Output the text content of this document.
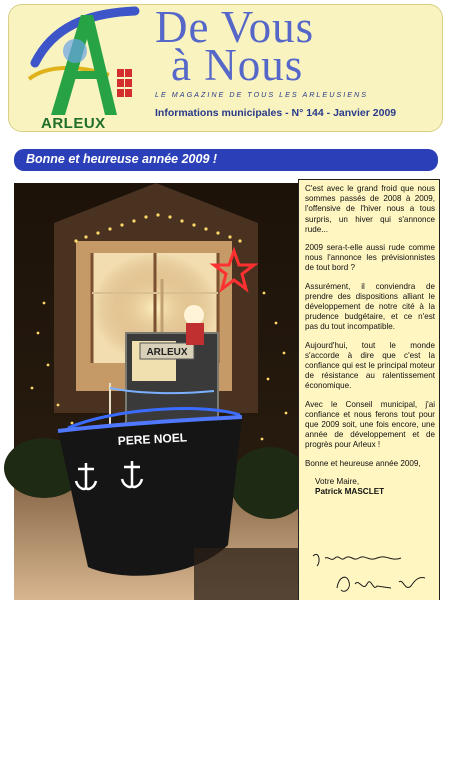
ARLEUX
De Vous
à Nous
LE MAGAZINE DE TOUS LES ARLEUSIENS
Informations municipales - N° 144 - Janvier 2009
Bonne et heureuse année 2009 !
ARLEUX
PERE NOEL
Concours des illuminations de Noël (Façade de Marie-Jeanne DESCARPENTRIES)

C'est avec le grand froid que nous sommes passés de 2008 à 2009, l'offensive de l'hiver nous a tous surpris, un hiver qui s'annonce rude...

2009 sera-t-elle aussi rude comme nous l'annonce les prévisionnistes de tout bord ?

Assurément, il conviendra de prendre des dispositions alliant le développement de notre cité à la prudence budgétaire, et ce n'est pas du tout incompatible.

Aujourd'hui, tout le monde s'accorde à dire que c'est la confiance qui est le principal moteur de résistance au ralentissement économique.

Avec le Conseil municipal, j'ai confiance et nous ferons tout pour que 2009 soit, une fois encore, une année de développement et de progrès pour Arleux !

Bonne et heureuse année 2009,

Votre Maire,
Patrick MASCLET
